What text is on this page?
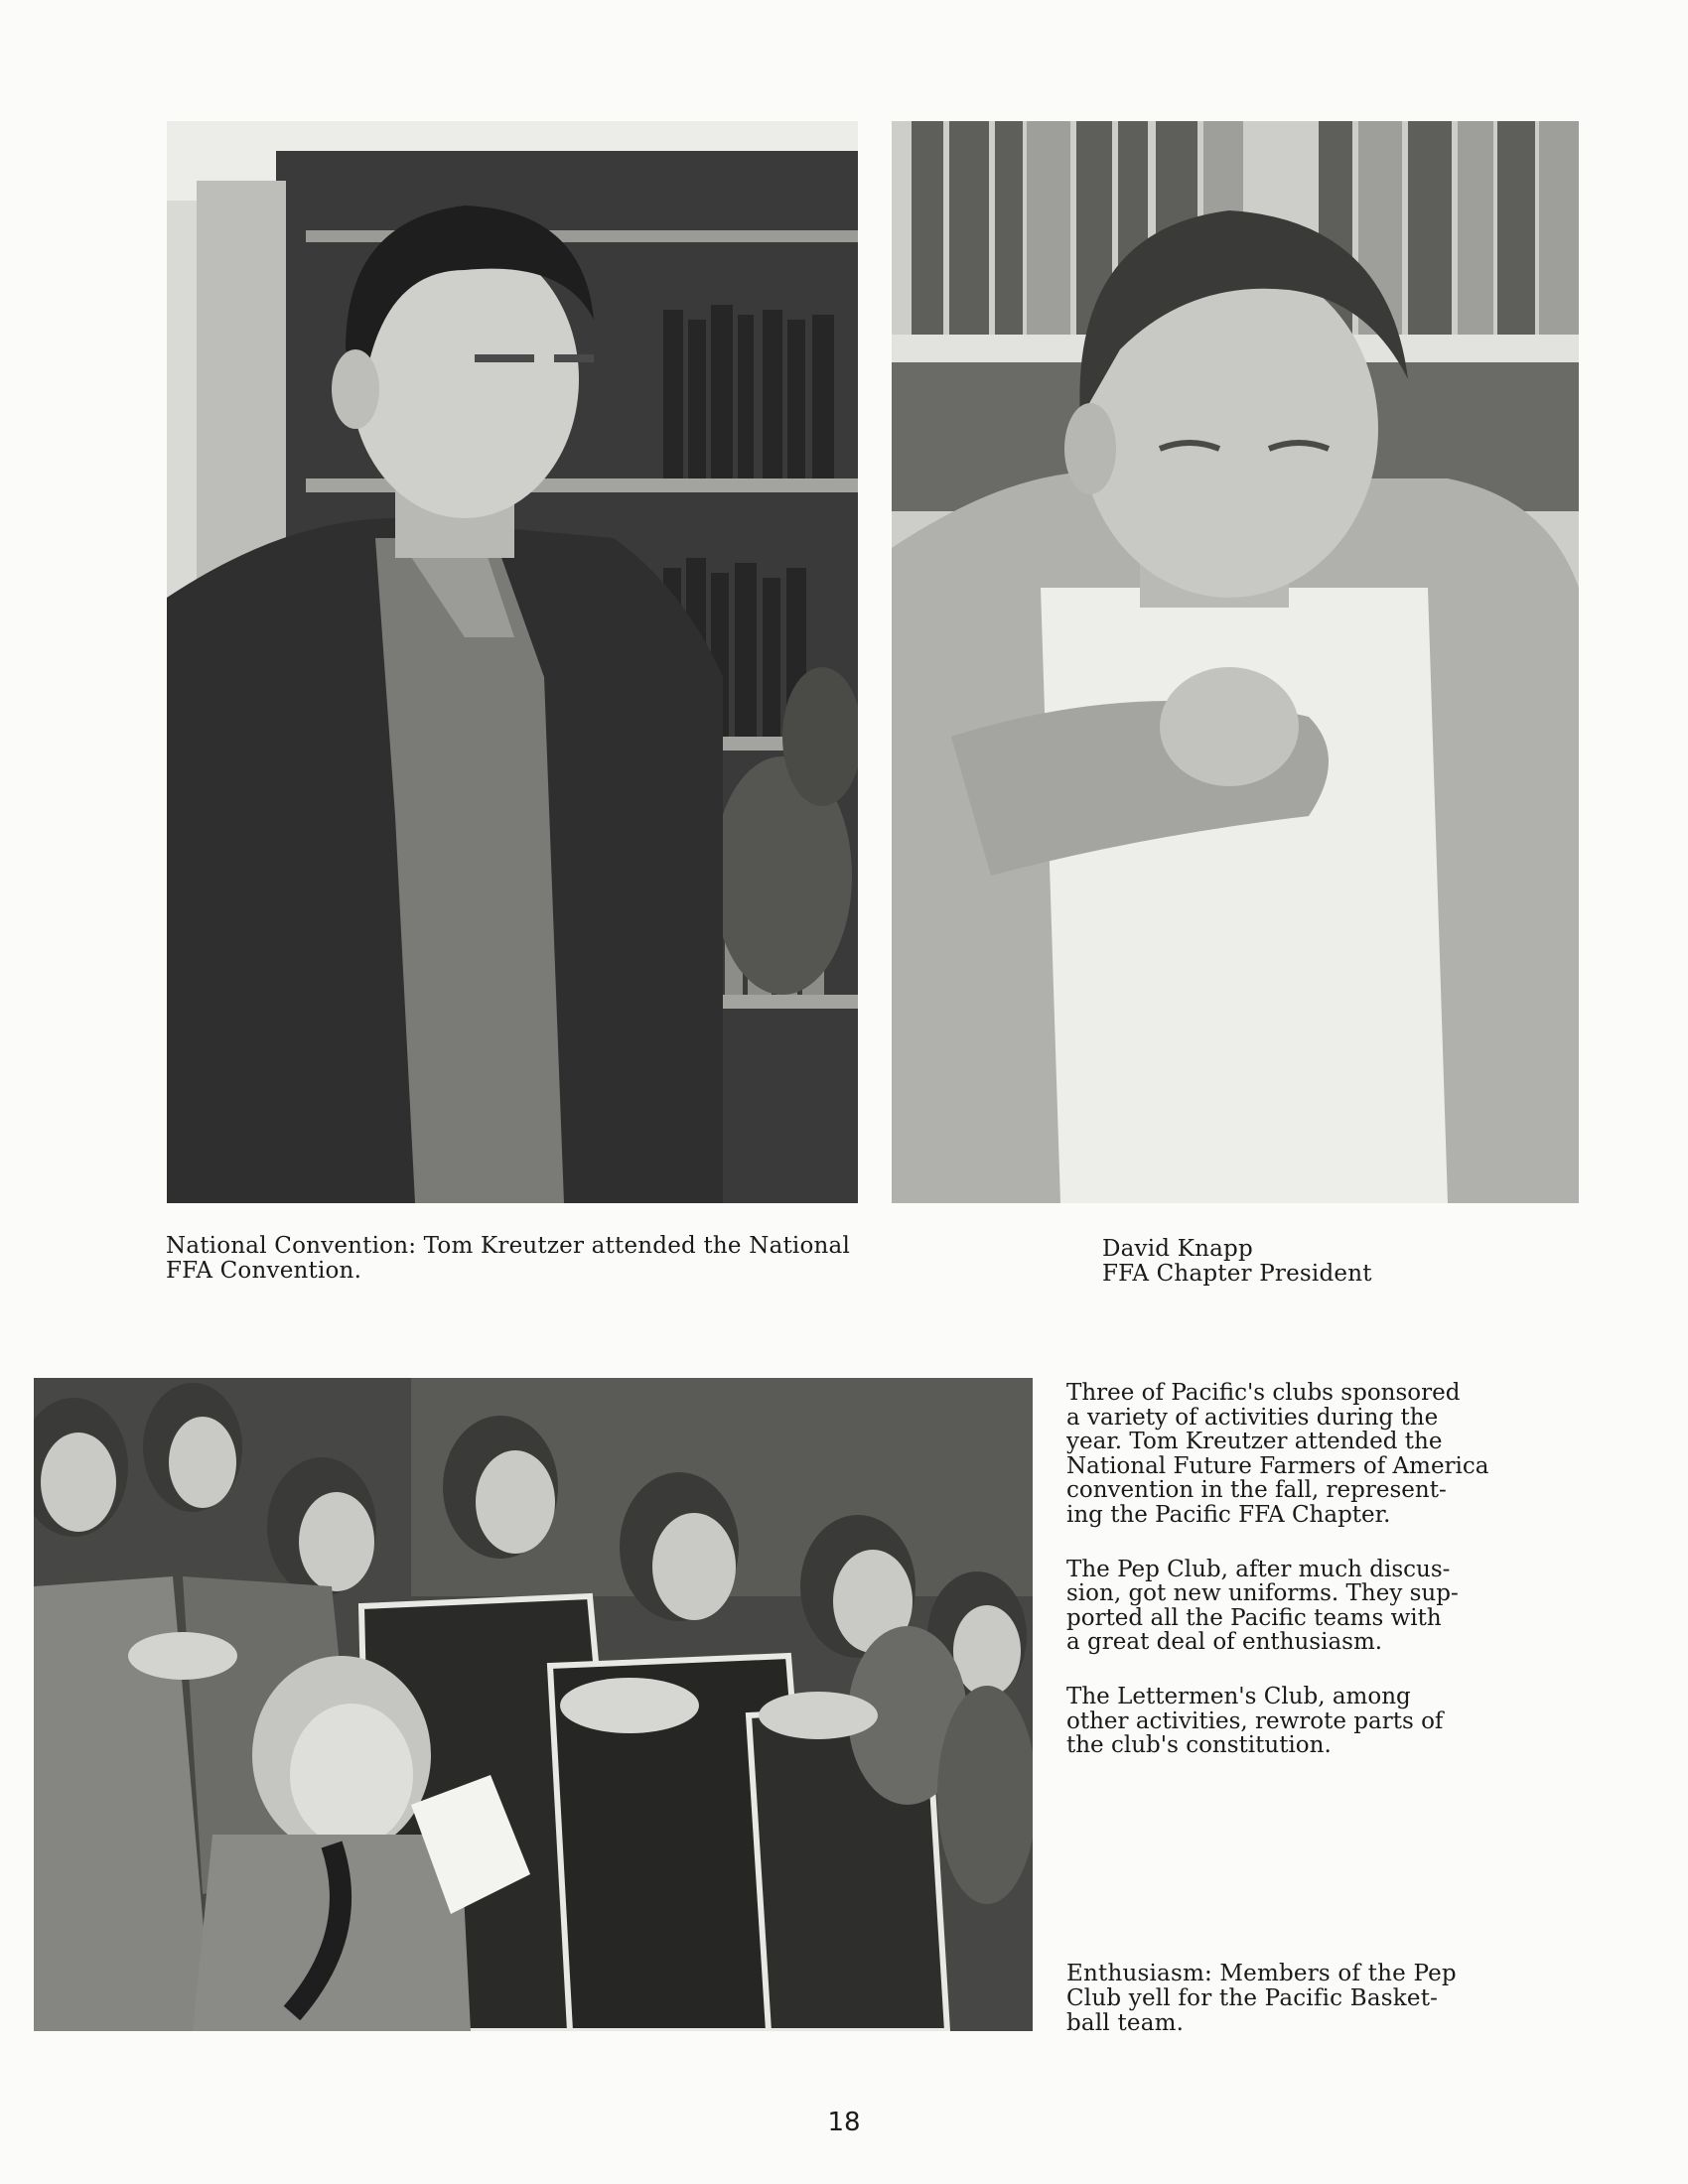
National Convention: Tom Kreutzer attended the National
FFA Convention.
David Knapp
FFA Chapter President

Three of Pacific's clubs sponsored
a variety of activities during the
year. Tom Kreutzer attended the
National Future Farmers of America
convention in the fall, represent-
ing the Pacific FFA Chapter.

The Pep Club, after much discus-
sion, got new uniforms. They sup-
ported all the Pacific teams with
a great deal of enthusiasm.

The Lettermen's Club, among
other activities, rewrote parts of
the club's constitution.

Enthusiasm: Members of the Pep
Club yell for the Pacific Basket-
ball team.
18
